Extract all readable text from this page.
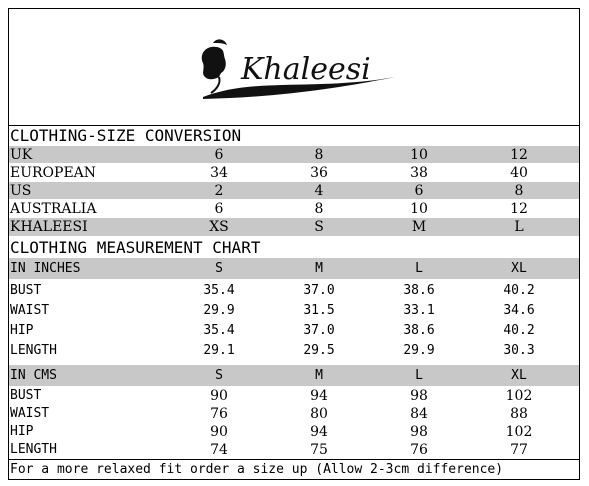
Khaleesi
CLOTHING-SIZE CONVERSION
UK	6	8	10	12
EUROPEAN	34	36	38	40
US	2	4	6	8
AUSTRALIA	6	8	10	12
KHALEESI	XS	S	M	L
CLOTHING MEASUREMENT CHART
IN INCHES	S	M	L	XL
BUST	35.4	37.0	38.6	40.2
WAIST	29.9	31.5	33.1	34.6
HIP	35.4	37.0	38.6	40.2
LENGTH	29.1	29.5	29.9	30.3
IN CMS	S	M	L	XL
BUST	90	94	98	102
WAIST	76	80	84	88
HIP	90	94	98	102
LENGTH	74	75	76	77
For a more relaxed fit order a size up (Allow 2-3cm difference)
